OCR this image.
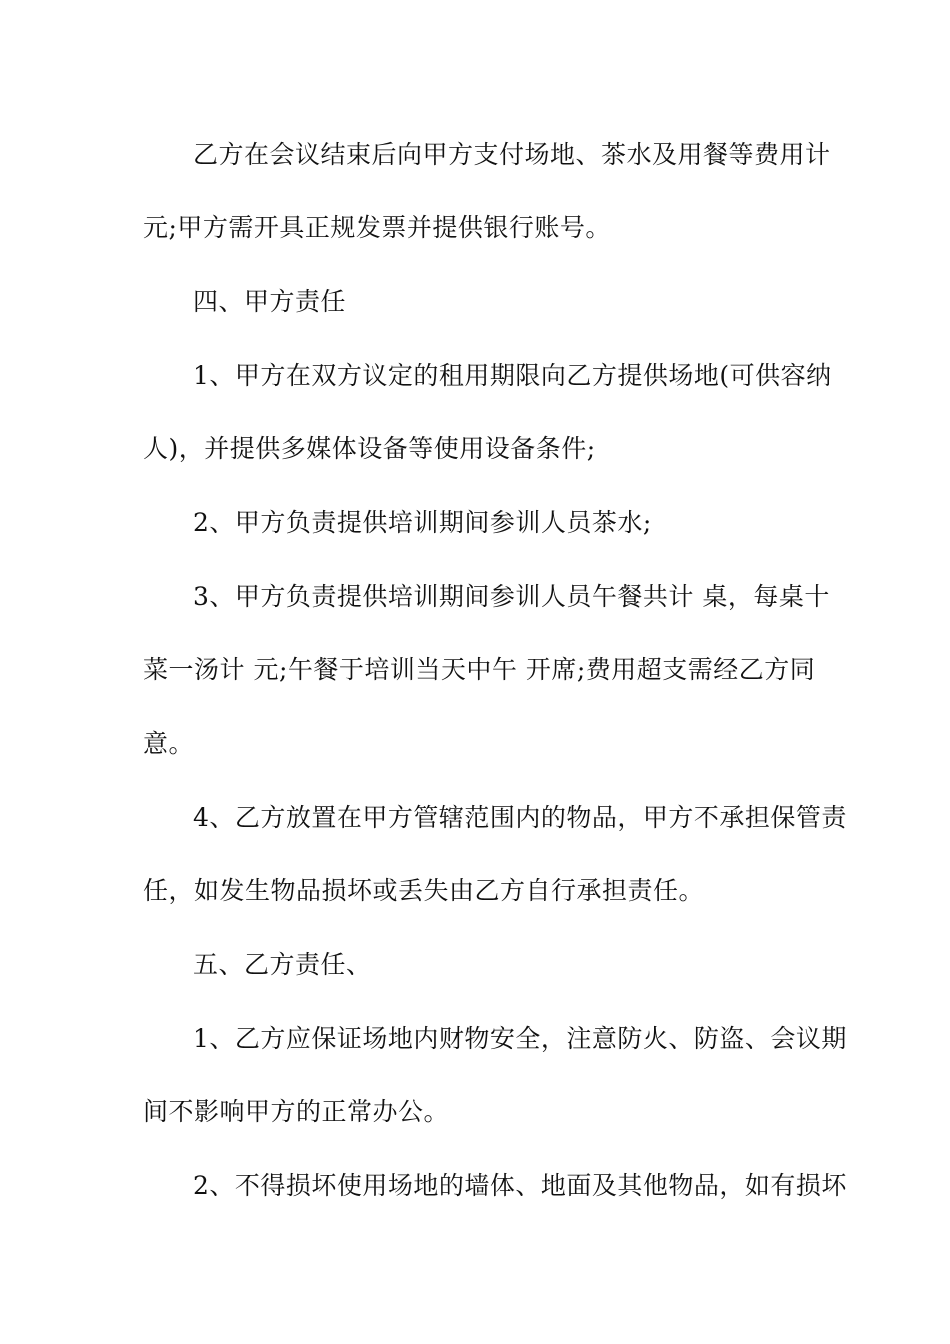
乙方在会议结束后向甲方支付场地、茶水及用餐等费用计
元;甲方需开具正规发票并提供银行账号。
四、甲方责任
1、甲方在双方议定的租用期限向乙方提供场地(可供容纳
人)，并提供多媒体设备等使用设备条件;
2、甲方负责提供培训期间参训人员茶水;
3、甲方负责提供培训期间参训人员午餐共计 桌，每桌十
菜一汤计 元;午餐于培训当天中午 开席;费用超支需经乙方同
意。
4、乙方放置在甲方管辖范围内的物品，甲方不承担保管责
任，如发生物品损坏或丢失由乙方自行承担责任。
五、乙方责任、
1、乙方应保证场地内财物安全，注意防火、防盗、会议期
间不影响甲方的正常办公。
2、不得损坏使用场地的墙体、地面及其他物品，如有损坏
